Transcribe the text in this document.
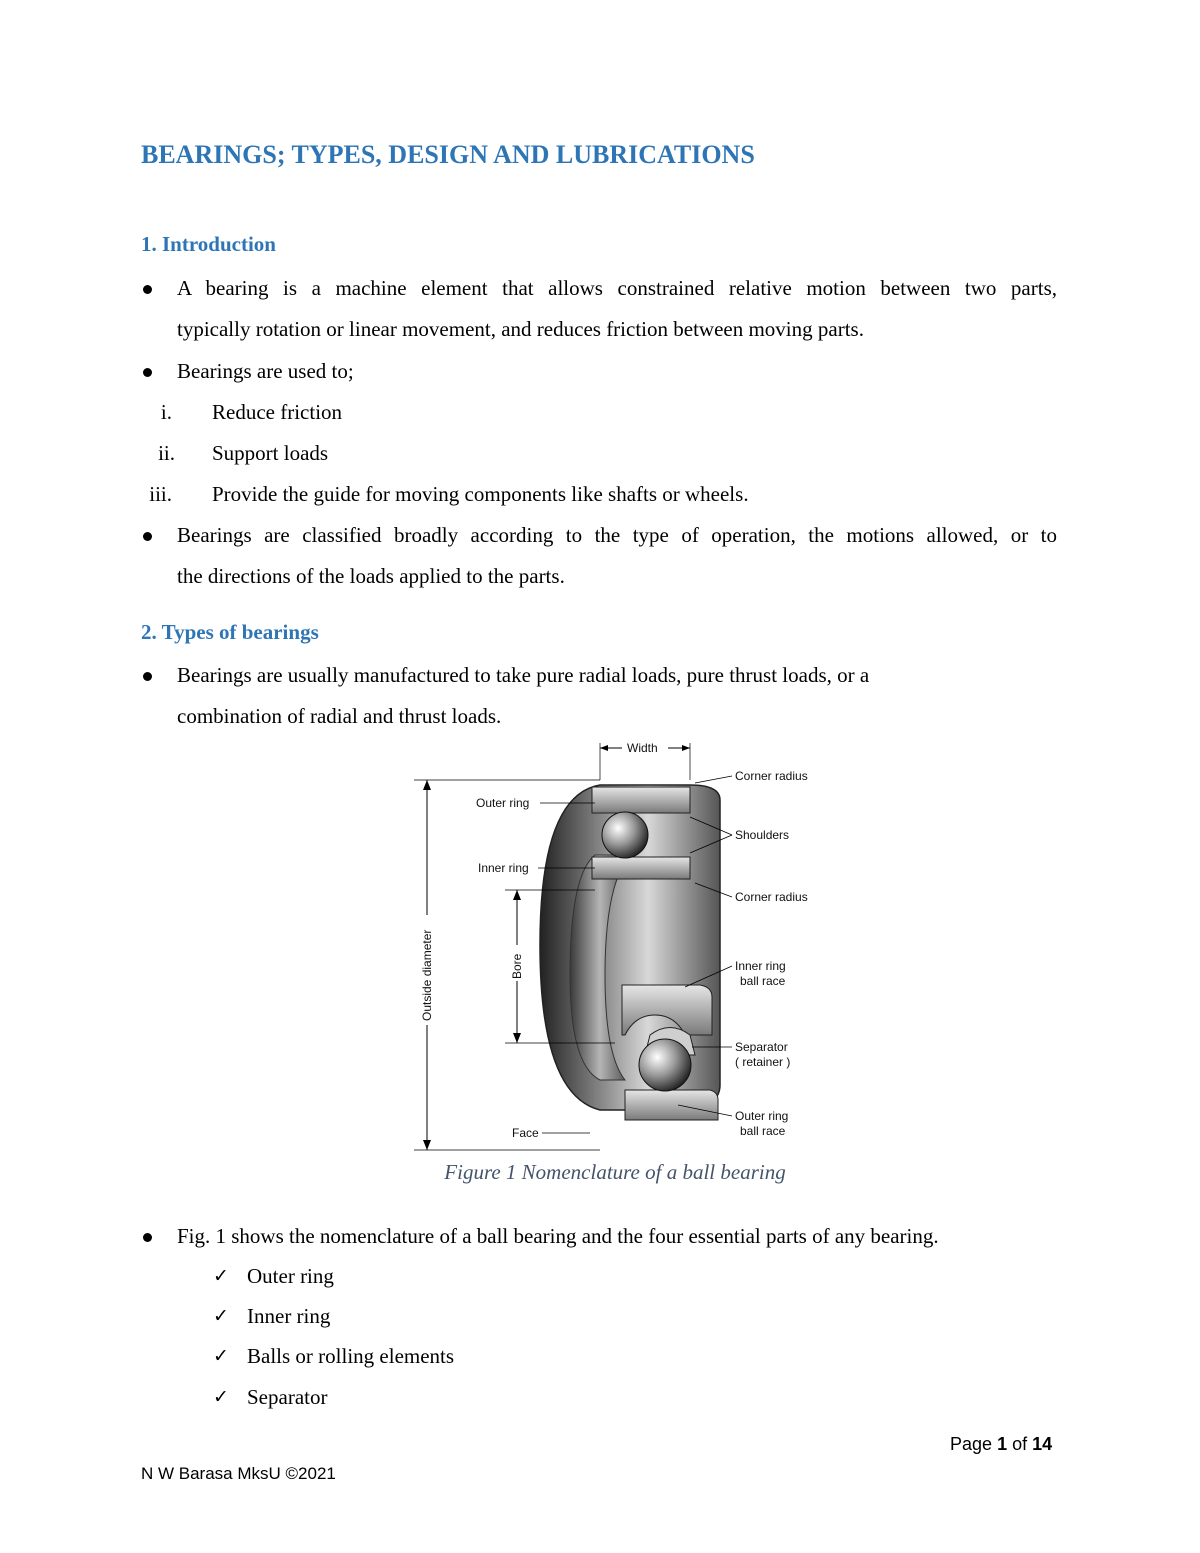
BEARINGS; TYPES, DESIGN AND LUBRICATIONS
1. Introduction
A bearing is a machine element that allows constrained relative motion between two parts,
typically rotation or linear movement, and reduces friction between moving parts.
Bearings are used to;
i. Reduce friction
ii. Support loads
iii. Provide the guide for moving components like shafts or wheels.
Bearings are classified broadly according to the type of operation, the motions allowed, or to
the directions of the loads applied to the parts.
2. Types of bearings
Bearings are usually manufactured to take pure radial loads, pure thrust loads, or a
combination of radial and thrust loads.
Outside diameter	Bore
Width
Outer ring
Inner ring
Face
Corner radius
Shoulders
Corner radius
Inner ring
ball race
Separator
( retainer )
Outer ring
ball race
Figure 1 Nomenclature of a ball bearing
Fig. 1 shows the nomenclature of a ball bearing and the four essential parts of any bearing.
✓ Outer ring
✓ Inner ring
✓ Balls or rolling elements
✓ Separator
Page 1 of 14
N W Barasa MksU ©2021
